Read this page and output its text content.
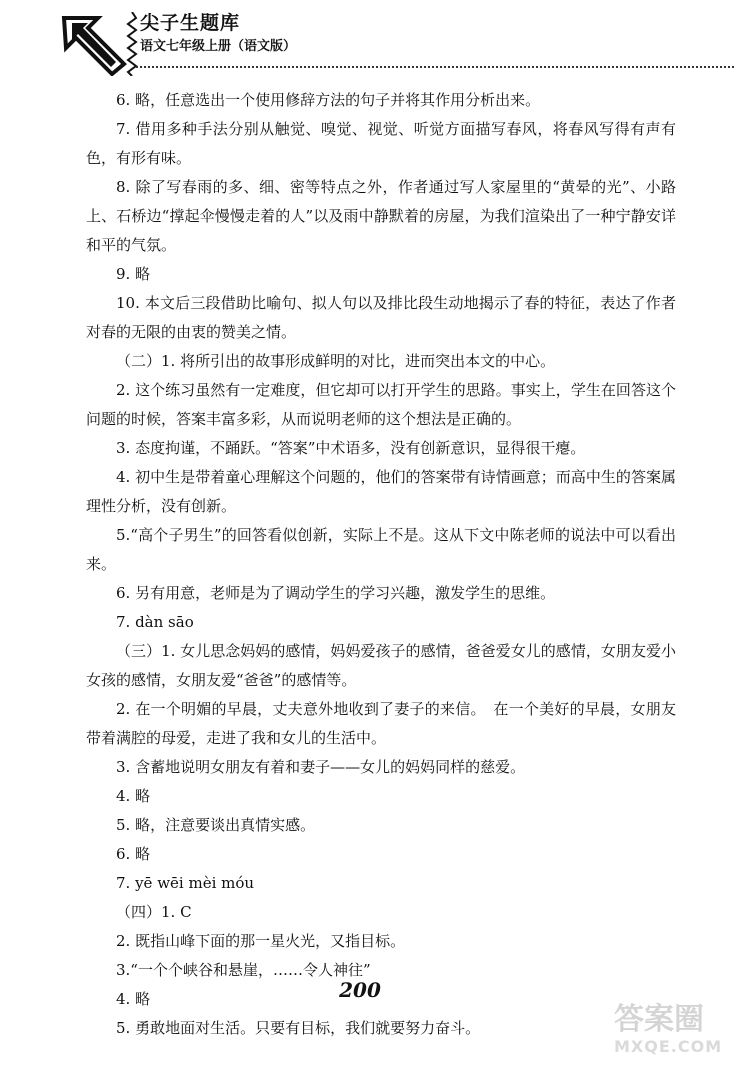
尖子生题库
语文七年级上册（语文版）

6. 略，任意选出一个使用修辞方法的句子并将其作用分析出来。

7. 借用多种手法分别从触觉、嗅觉、视觉、听觉方面描写春风，将春风写得有声有色，有形有味。

8. 除了写春雨的多、细、密等特点之外，作者通过写人家屋里的“黄晕的光”、小路上、石桥边“撑起伞慢慢走着的人”以及雨中静默着的房屋，为我们渲染出了一种宁静安详和平的气氛。

9. 略

10. 本文后三段借助比喻句、拟人句以及排比段生动地揭示了春的特征，表达了作者对春的无限的由衷的赞美之情。

（二）1. 将所引出的故事形成鲜明的对比，进而突出本文的中心。

2. 这个练习虽然有一定难度，但它却可以打开学生的思路。事实上，学生在回答这个问题的时候，答案丰富多彩，从而说明老师的这个想法是正确的。

3. 态度拘谨，不踊跃。“答案”中术语多，没有创新意识，显得很干瘪。

4. 初中生是带着童心理解这个问题的，他们的答案带有诗情画意；而高中生的答案属理性分析，没有创新。

5.“高个子男生”的回答看似创新，实际上不是。这从下文中陈老师的说法中可以看出来。

6. 另有用意，老师是为了调动学生的学习兴趣，激发学生的思维。

7. dàn sāo

（三）1. 女儿思念妈妈的感情，妈妈爱孩子的感情，爸爸爱女儿的感情，女朋友爱小女孩的感情，女朋友爱“爸爸”的感情等。

2. 在一个明媚的早晨，丈夫意外地收到了妻子的来信。　在一个美好的早晨，女朋友带着满腔的母爱，走进了我和女儿的生活中。

3. 含蓄地说明女朋友有着和妻子——女儿的妈妈同样的慈爱。

4. 略

5. 略，注意要谈出真情实感。

6. 略

7. yē wēi mèi móu

（四）1. C

2. 既指山峰下面的那一星火光，又指目标。

3.“一个个峡谷和悬崖，……令人神往”

4. 略

5. 勇敢地面对生活。只要有目标，我们就要努力奋斗。

200
答案圈
MXQE.COM
